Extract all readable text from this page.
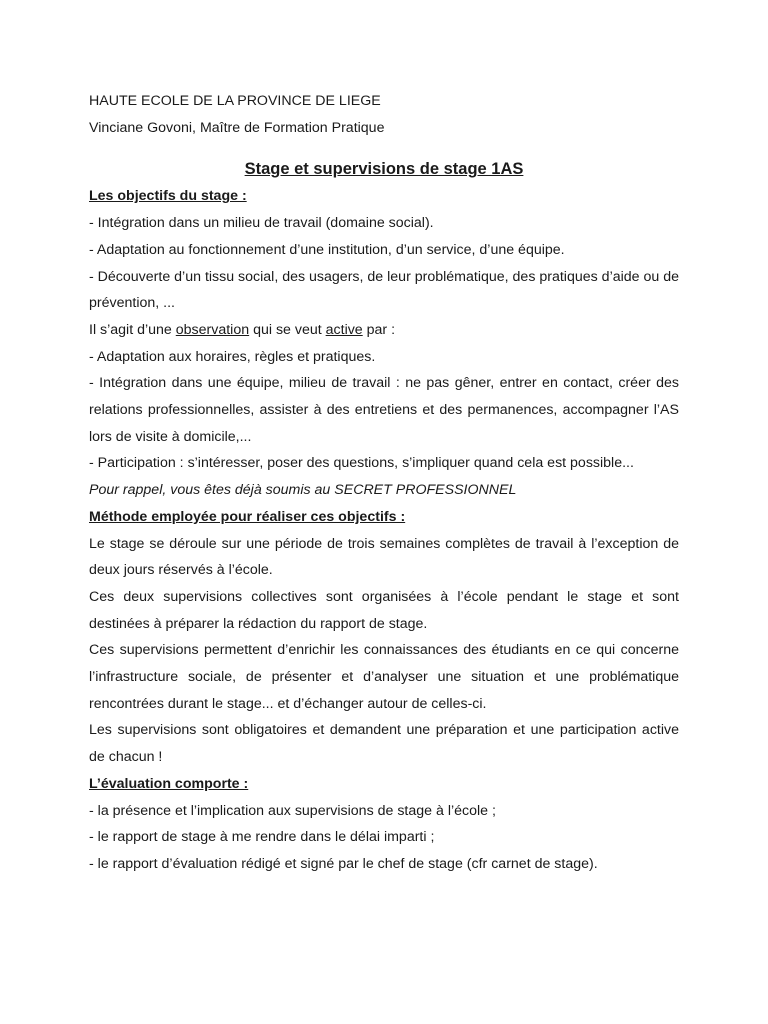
HAUTE ECOLE DE LA PROVINCE DE LIEGE
Vinciane Govoni, Maître de Formation Pratique
Stage et supervisions de stage 1AS
Les objectifs du stage :
- Intégration dans un milieu de travail (domaine social).
- Adaptation au fonctionnement d’une institution, d’un service, d’une équipe.
- Découverte d’un tissu social, des usagers, de leur problématique, des pratiques d’aide ou de prévention, ...
Il s’agit d’une observation qui se veut active par :
- Adaptation aux horaires, règles et pratiques.
- Intégration dans une équipe, milieu de travail : ne pas gêner, entrer en contact, créer des relations professionnelles, assister à des entretiens et des permanences, accompagner l’AS lors de visite à domicile,...
- Participation : s’intéresser, poser des questions, s’impliquer quand cela est possible...
Pour rappel, vous êtes déjà soumis au SECRET PROFESSIONNEL
Méthode employée pour réaliser ces objectifs :
Le stage se déroule sur une période de trois semaines complètes de travail à l’exception de deux jours réservés à l’école.
Ces deux supervisions collectives sont organisées à l’école pendant le stage et sont destinées à préparer la rédaction du rapport de stage.
Ces supervisions permettent d’enrichir les connaissances des étudiants en ce qui concerne l’infrastructure sociale, de présenter et d’analyser une situation et une problématique rencontrées durant le stage... et d’échanger autour de celles-ci.
Les supervisions sont obligatoires et demandent une préparation et une participation active de chacun !
L’évaluation comporte :
- la présence et l’implication aux supervisions de stage à l’école ;
- le rapport de stage à me rendre dans le délai imparti ;
- le rapport d’évaluation rédigé et signé par le chef de stage (cfr carnet de stage).
